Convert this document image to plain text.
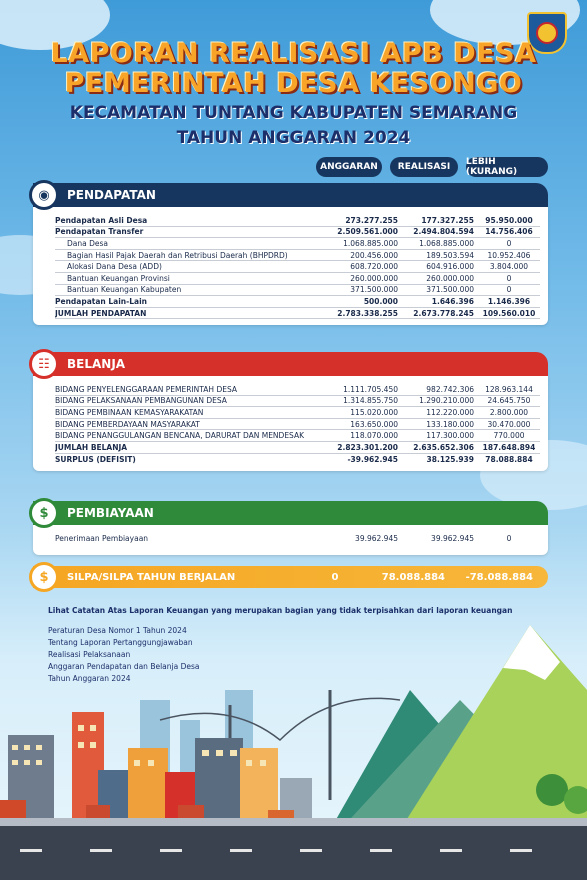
LAPORAN REALISASI APB DESA
PEMERINTAH DESA KESONGO
KECAMATAN TUNTANG KABUPATEN SEMARANG
TAHUN ANGGARAN 2024
ANGGARAN	REALISASI	LEBIH (KURANG)
◉	PENDAPATAN
Pendapatan Asli Desa	273.277.255	177.327.255	95.950.000
Pendapatan Transfer	2.509.561.000	2.494.804.594	14.756.406
Dana Desa	1.068.885.000	1.068.885.000	0
Bagian Hasil Pajak Daerah dan Retribusi Daerah (BHPDRD)	200.456.000	189.503.594	10.952.406
Alokasi Dana Desa (ADD)	608.720.000	604.916.000	3.804.000
Bantuan Keuangan Provinsi	260.000.000	260.000.000	0
Bantuan Keuangan Kabupaten	371.500.000	371.500.000	0
Pendapatan Lain-Lain	500.000	1.646.396	1.146.396
JUMLAH PENDAPATAN	2.783.338.255	2.673.778.245	109.560.010
☷	BELANJA
BIDANG PENYELENGGARAAN PEMERINTAH DESA	1.111.705.450	982.742.306	128.963.144
BIDANG PELAKSANAAN PEMBANGUNAN DESA	1.314.855.750	1.290.210.000	24.645.750
BIDANG PEMBINAAN KEMASYARAKATAN	115.020.000	112.220.000	2.800.000
BIDANG PEMBERDAYAAN MASYARAKAT	163.650.000	133.180.000	30.470.000
BIDANG PENANGGULANGAN BENCANA, DARURAT DAN MENDESAK	118.070.000	117.300.000	770.000
JUMLAH BELANJA	2.823.301.200	2.635.652.306	187.648.894
SURPLUS (DEFISIT)	-39.962.945	38.125.939	78.088.884
$	PEMBIAYAAN
Penerimaan Pembiayaan	39.962.945	39.962.945	0
$	SILPA/SILPA TAHUN BERJALAN	0	78.088.884	-78.088.884
Lihat Catatan Atas Laporan Keuangan yang merupakan bagian yang tidak terpisahkan dari laporan keuangan
Peraturan Desa Nomor 1 Tahun 2024
Tentang Laporan Pertanggungjawaban
Realisasi Pelaksanaan
Anggaran Pendapatan dan Belanja Desa
Tahun Anggaran 2024
